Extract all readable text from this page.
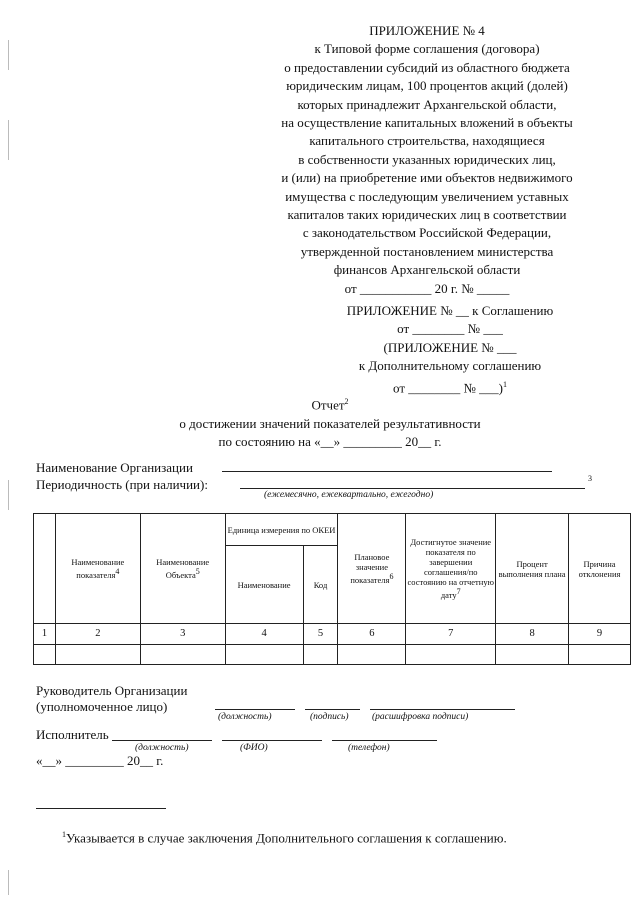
ПРИЛОЖЕНИЕ № 4
к Типовой форме соглашения (договора)
о предоставлении субсидий из областного бюджета
юридическим лицам, 100 процентов акций (долей)
которых принадлежит Архангельской области,
на осуществление капитальных вложений в объекты
капитального строительства, находящиеся
в собственности указанных юридических лиц,
и (или) на приобретение ими объектов недвижимого
имущества с последующим увеличением уставных
капиталов таких юридических лиц в соответствии
с законодательством Российской Федерации,
утвержденной постановлением министерства
финансов Архангельской области
от ___________ 20 г. № _____
ПРИЛОЖЕНИЕ № __ к Соглашению
от ________ № ___
(ПРИЛОЖЕНИЕ № ___
к Дополнительному соглашению
от ________ № ___)$^1$
Отчет$^2$
о достижении значений показателей результативности
по состоянию на «__» _________ 20__ г.
Наименование Организации
Периодичность (при наличии):	3
(ежемесячно, ежеквартально, ежегодно)
	Наименование показателя$^4$	Наименование Объекта$^5$	Единица измерения по ОКЕИ		Плановое значение показателя$^6$	Достигнутое значение показателя по завершении соглашения/по состоянию на отчетную дату$^7$	Процент выполнения плана	Причина отклонения
			Наименование	Код				
1	2	3	4	5	6	7	8	9

Руководитель Организации
(уполномоченное лицо)
(должность)	(подпись) (расшифровка подписи)
Исполнитель
(должность)	(ФИО)	(телефон)
«__» _________ 20__ г.
$^1$Указывается в случае заключения Дополнительного соглашения к соглашению.
